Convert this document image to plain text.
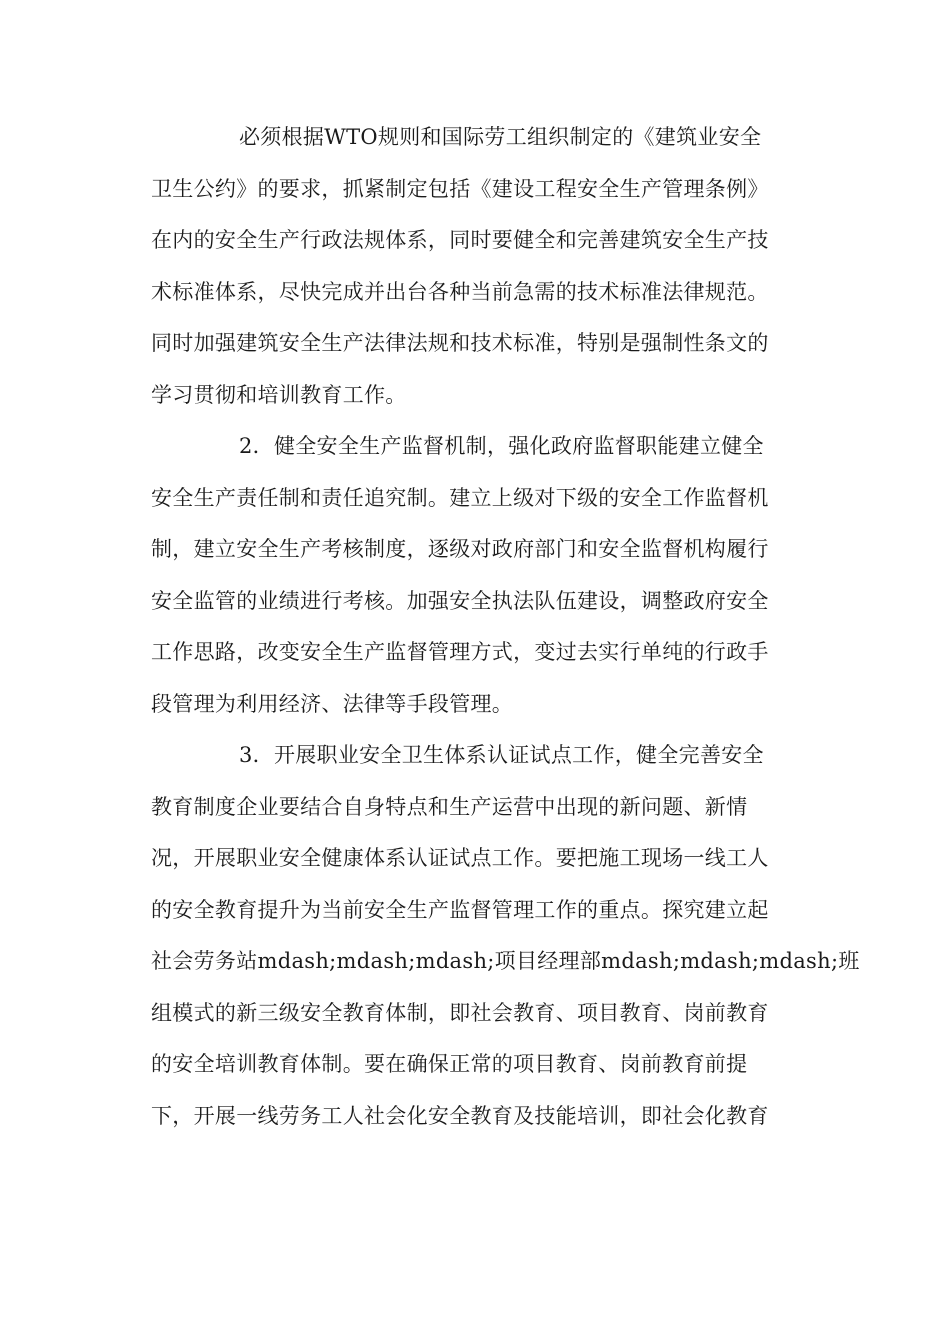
必须根据WTO规则和国际劳工组织制定的《建筑业安全
卫生公约》的要求，抓紧制定包括《建设工程安全生产管理条例》
在内的安全生产行政法规体系，同时要健全和完善建筑安全生产技
术标准体系，尽快完成并出台各种当前急需的技术标准法律规范。
同时加强建筑安全生产法律法规和技术标准，特别是强制性条文的
学习贯彻和培训教育工作。
2．健全安全生产监督机制，强化政府监督职能建立健全
安全生产责任制和责任追究制。建立上级对下级的安全工作监督机
制，建立安全生产考核制度，逐级对政府部门和安全监督机构履行
安全监管的业绩进行考核。加强安全执法队伍建设，调整政府安全
工作思路，改变安全生产监督管理方式，变过去实行单纯的行政手
段管理为利用经济、法律等手段管理。
3．开展职业安全卫生体系认证试点工作，健全完善安全
教育制度企业要结合自身特点和生产运营中出现的新问题、新情
况，开展职业安全健康体系认证试点工作。要把施工现场一线工人
的安全教育提升为当前安全生产监督管理工作的重点。探究建立起
社会劳务站mdash;mdash;mdash;项目经理部mdash;mdash;mdash;班
组模式的新三级安全教育体制，即社会教育、项目教育、岗前教育
的安全培训教育体制。要在确保正常的项目教育、岗前教育前提
下，开展一线劳务工人社会化安全教育及技能培训，即社会化教育
